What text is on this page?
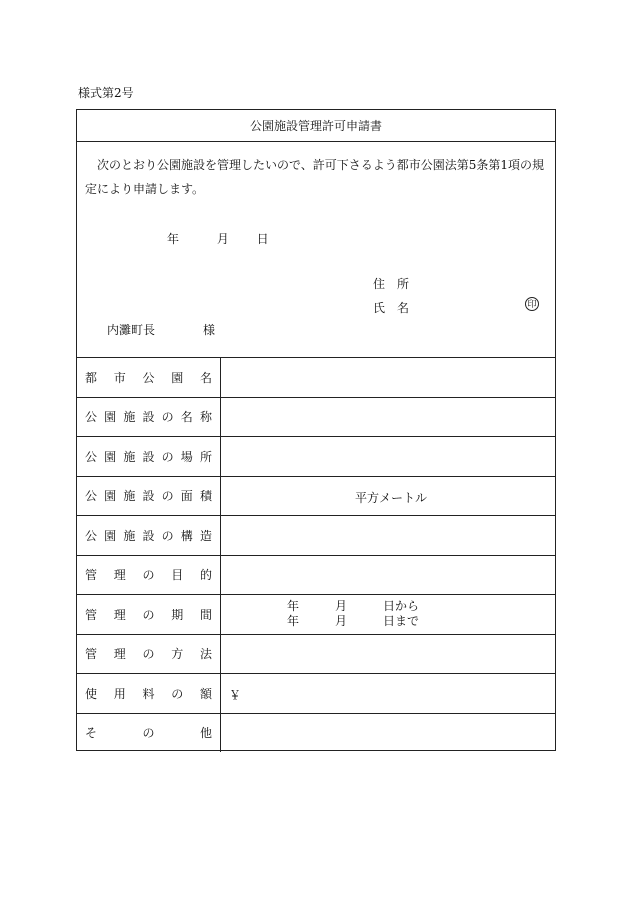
様式第2号
公園施設管理許可申請書
次のとおり公園施設を管理したいので、許可下さるよう都市公園法第5条第1項の規定により申請します。
年	月 日
住　所
氏　名	印
内灘町長　　　　様
都 市 公 園 名
公 園 施 設 の 名 称
公 園 施 設 の 場 所
公 園 施 設 の 面 積	平方メートル
公 園 施 設 の 構 造
管 理 の 目 的
管 理 の 期 間
年　　　月　　　日から
年　　　月　　　日まで
管 理 の 方 法
使 用 料 の 額 ￥
そ	の	他
